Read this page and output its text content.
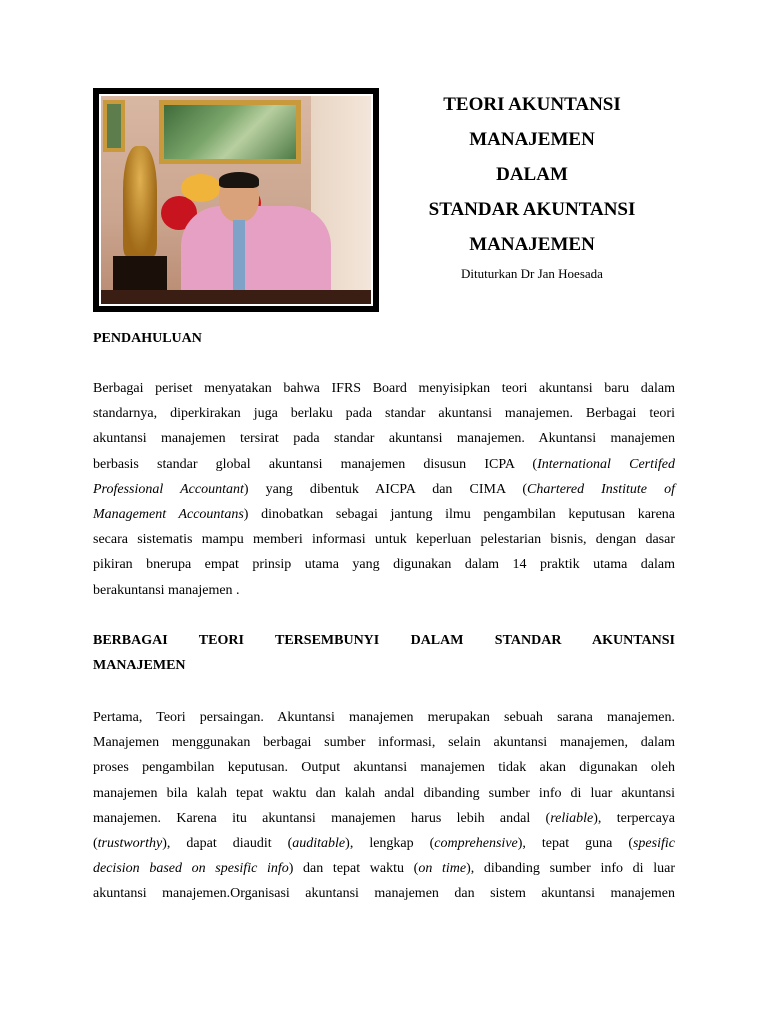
TEORI AKUNTANSI
MANAJEMEN
DALAM
STANDAR AKUNTANSI
MANAJEMEN
Dituturkan Dr Jan Hoesada
PENDAHULUAN
Berbagai periset menyatakan bahwa IFRS Board menyisipkan teori akuntansi baru dalam
standarnya, diperkirakan juga berlaku pada standar akuntansi manajemen. Berbagai teori
akuntansi manajemen tersirat pada standar akuntansi manajemen. Akuntansi manajemen
berbasis standar global akuntansi manajemen disusun ICPA (International Certifed
Professional Accountant) yang dibentuk AICPA dan CIMA (Chartered Institute of
Management Accountans) dinobatkan sebagai jantung ilmu pengambilan keputusan karena
secara sistematis mampu memberi informasi untuk keperluan pelestarian bisnis, dengan dasar
pikiran bnerupa empat prinsip utama yang digunakan dalam 14 praktik utama dalam
berakuntansi manajemen .
BERBAGAI TEORI TERSEMBUNYI DALAM STANDAR AKUNTANSI
MANAJEMEN
Pertama, Teori persaingan. Akuntansi manajemen merupakan sebuah sarana manajemen.
Manajemen menggunakan berbagai sumber informasi, selain akuntansi manajemen, dalam
proses pengambilan keputusan. Output akuntansi manajemen tidak akan digunakan oleh
manajemen bila kalah tepat waktu dan kalah andal dibanding sumber info di luar akuntansi
manajemen. Karena itu akuntansi manajemen harus lebih andal (reliable), terpercaya
(trustworthy), dapat diaudit (auditable), lengkap (comprehensive), tepat guna (spesific
decision based on spesific info) dan tepat waktu (on time), dibanding sumber info di luar
akuntansi manajemen.Organisasi akuntansi manajemen dan sistem akuntansi manajemen
